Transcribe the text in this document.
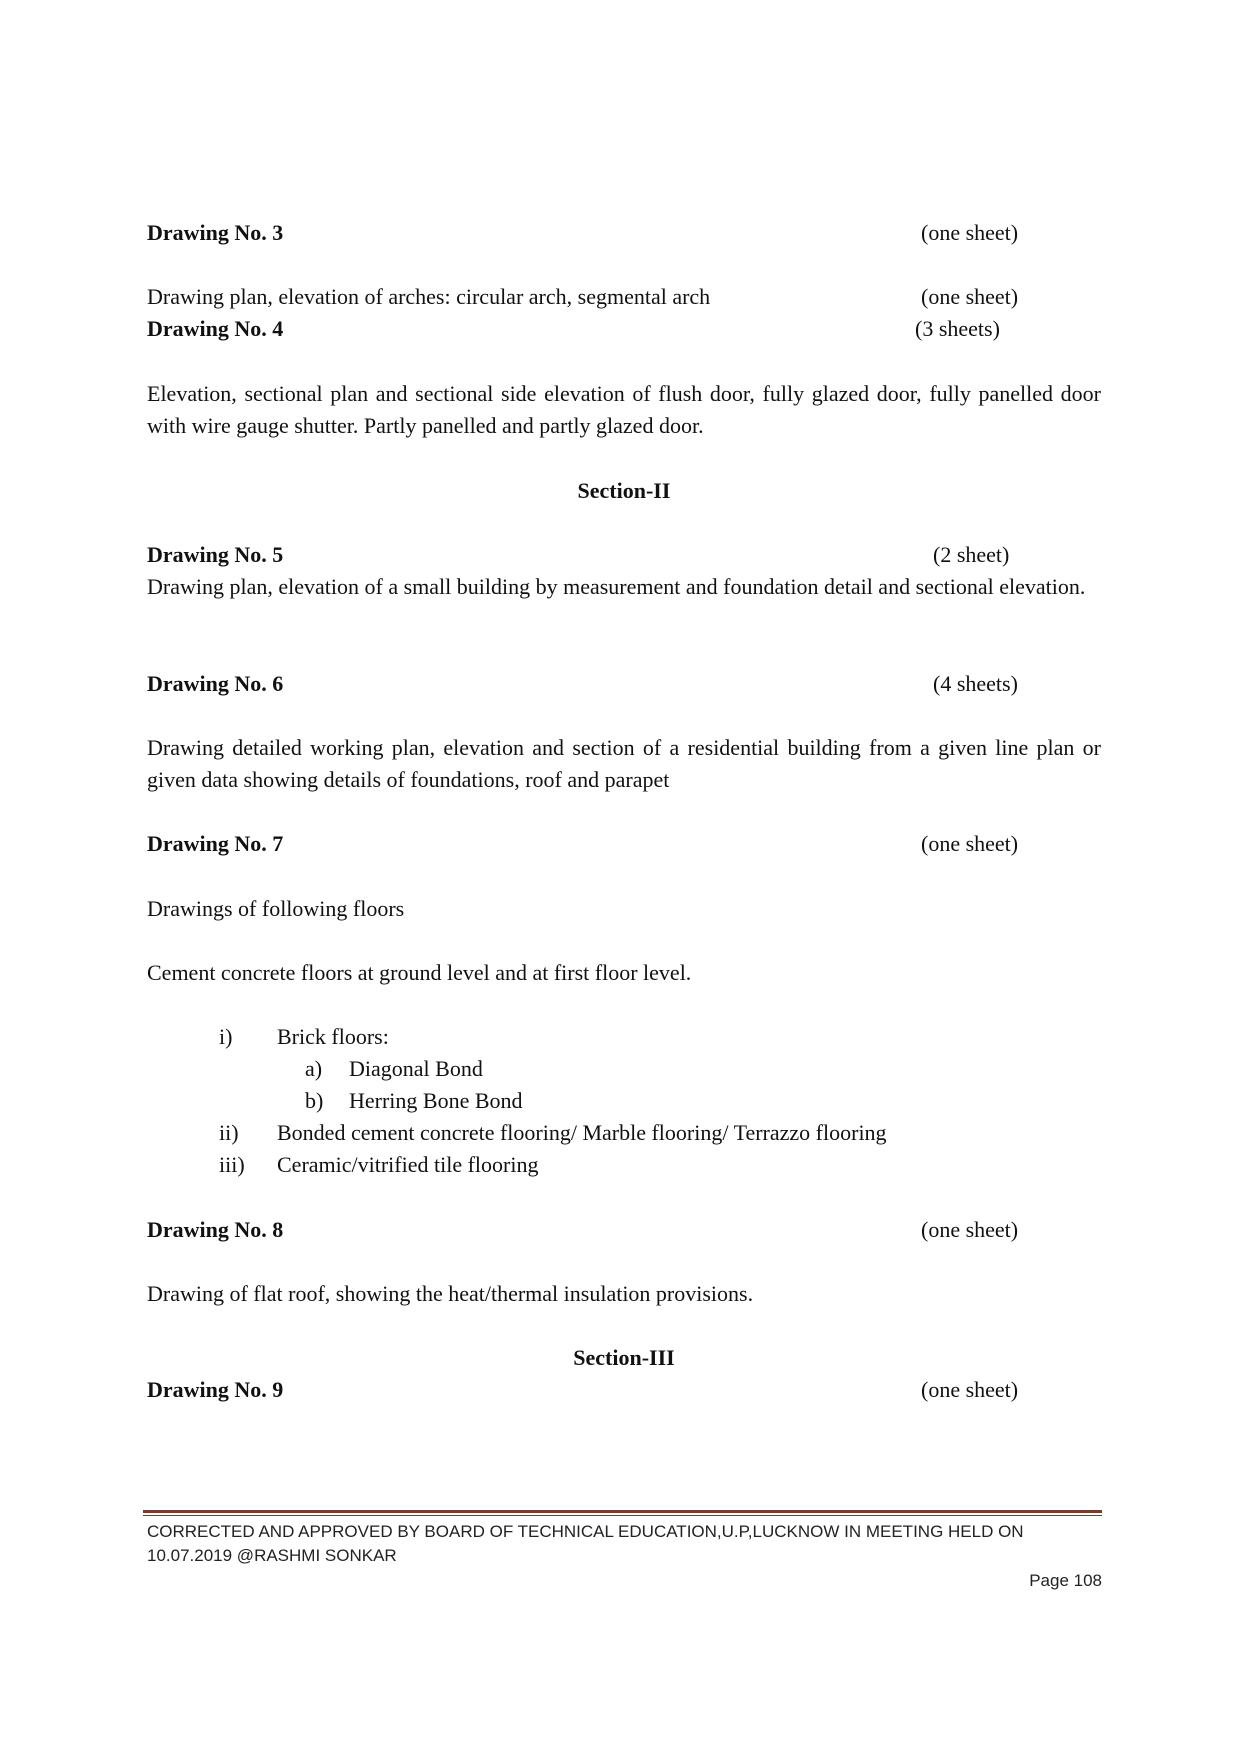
Drawing No. 3	(one sheet)
Drawing plan, elevation of arches: circular arch, segmental arch	(one sheet)
Drawing No. 4	(3 sheets)
Elevation, sectional plan and sectional side elevation of flush door, fully glazed door, fully panelled door with wire gauge shutter. Partly panelled and partly glazed door.
Section-II
Drawing No. 5	(2 sheet)
Drawing plan, elevation of a small building by measurement and foundation detail and sectional elevation.
Drawing No. 6	(4 sheets)
Drawing detailed working plan, elevation and section of a residential building from a given line plan or given data showing details of foundations, roof and parapet
Drawing No. 7	(one sheet)
Drawings of following floors
Cement concrete floors at ground level and at first floor level.
i) Brick floors:
a) Diagonal Bond
b) Herring Bone Bond
ii) Bonded cement concrete flooring/ Marble flooring/ Terrazzo flooring
iii) Ceramic/vitrified tile flooring
Drawing No. 8	(one sheet)
Drawing of flat roof, showing the heat/thermal insulation provisions.
Section-III
Drawing No. 9	(one sheet)
CORRECTED AND APPROVED BY BOARD OF TECHNICAL EDUCATION,U.P,LUCKNOW IN MEETING HELD ON
10.07.2019 @RASHMI SONKAR
Page 108
